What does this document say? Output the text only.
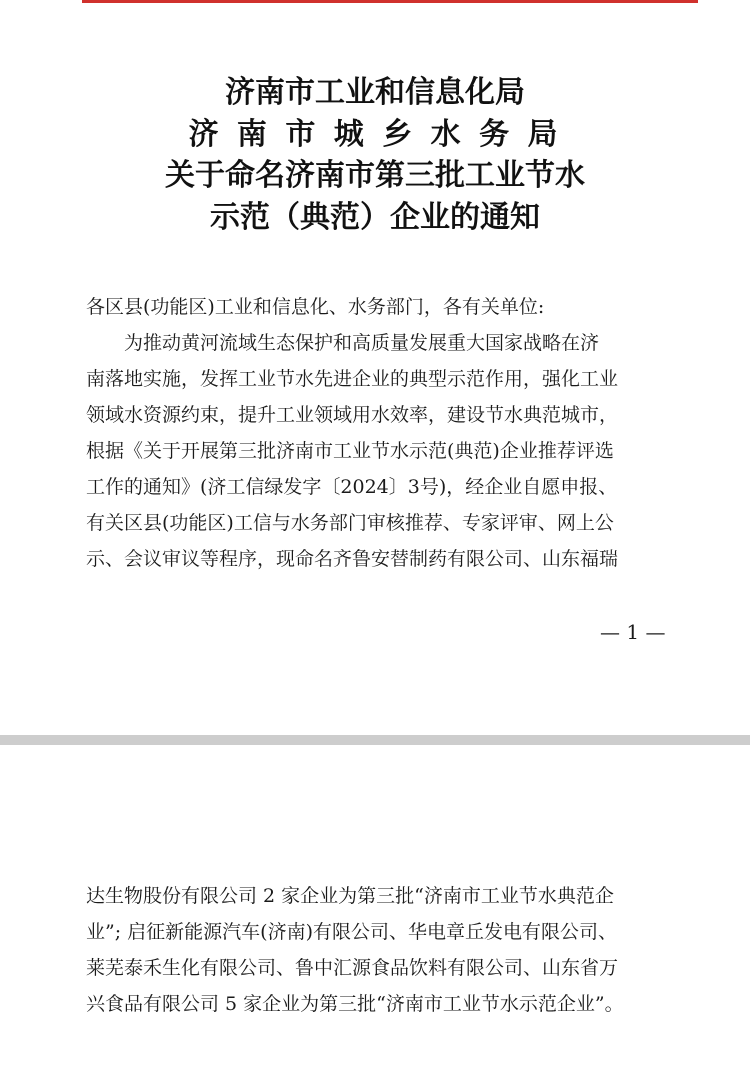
济南市工业和信息化局
济 南 市 城 乡 水 务 局
关于命名济南市第三批工业节水
示范（典范）企业的通知
各区县(功能区)工业和信息化、水务部门，各有关单位:
为推动黄河流域生态保护和高质量发展重大国家战略在济
南落地实施，发挥工业节水先进企业的典型示范作用，强化工业
领域水资源约束，提升工业领域用水效率，建设节水典范城市，
根据《关于开展第三批济南市工业节水示范(典范)企业推荐评选
工作的通知》(济工信绿发字〔2024〕3号)，经企业自愿申报、
有关区县(功能区)工信与水务部门审核推荐、专家评审、网上公
示、会议审议等程序，现命名齐鲁安替制药有限公司、山东福瑞
— 1 —
达生物股份有限公司 2 家企业为第三批“济南市工业节水典范企
业”; 启征新能源汽车(济南)有限公司、华电章丘发电有限公司、
莱芜泰禾生化有限公司、鲁中汇源食品饮料有限公司、山东省万
兴食品有限公司 5 家企业为第三批“济南市工业节水示范企业”。
